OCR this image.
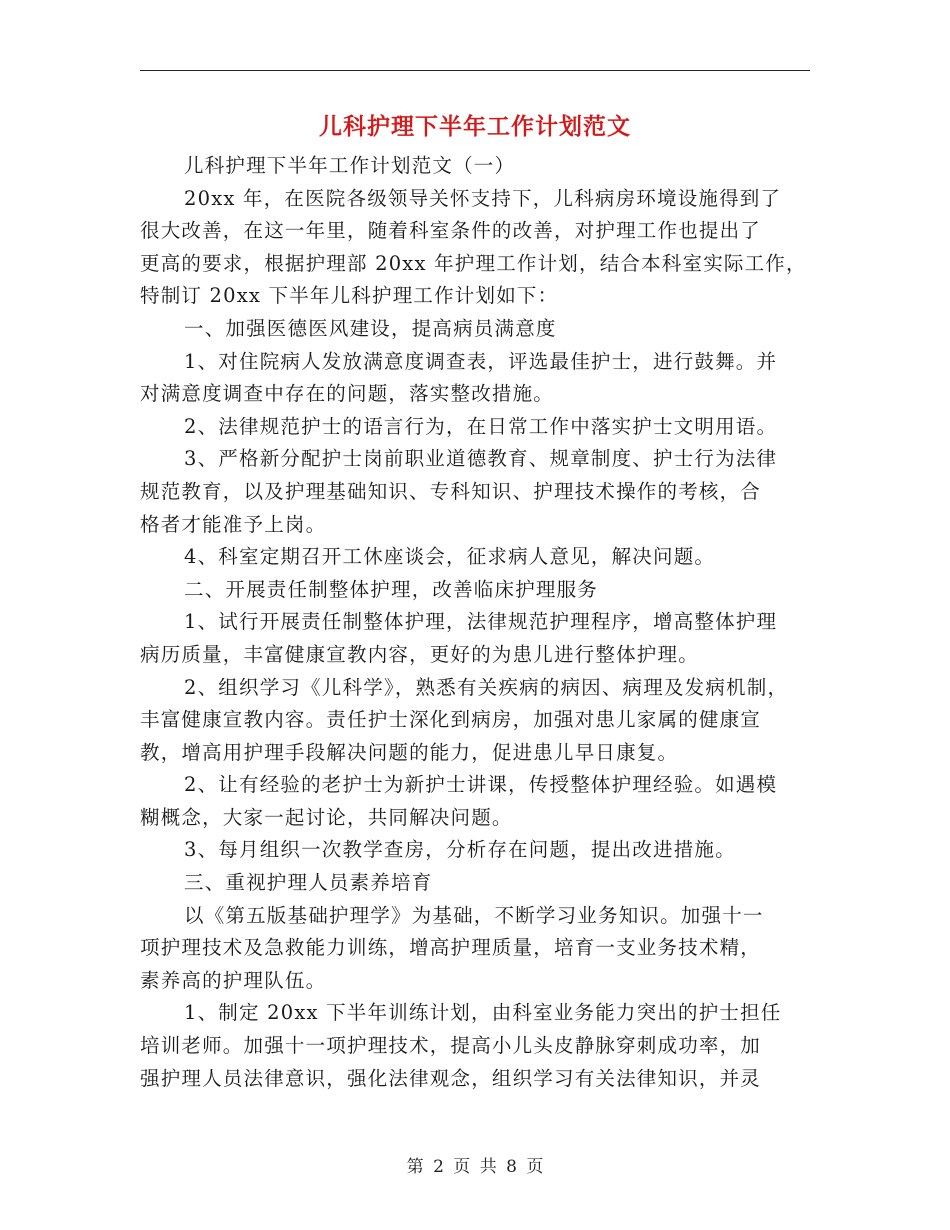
儿科护理下半年工作计划范文

儿科护理下半年工作计划范文（一）

20xx 年，在医院各级领导关怀支持下，儿科病房环境设施得到了

很大改善，在这一年里，随着科室条件的改善，对护理工作也提出了

更高的要求，根据护理部 20xx 年护理工作计划，结合本科室实际工作，

特制订 20xx 下半年儿科护理工作计划如下：

一、加强医德医风建设，提高病员满意度

1、对住院病人发放满意度调查表，评选最佳护士，进行鼓舞。并

对满意度调查中存在的问题，落实整改措施。

2、法律规范护士的语言行为，在日常工作中落实护士文明用语。

3、严格新分配护士岗前职业道德教育、规章制度、护士行为法律

规范教育，以及护理基础知识、专科知识、护理技术操作的考核，合

格者才能准予上岗。

4、科室定期召开工休座谈会，征求病人意见，解决问题。

二、开展责任制整体护理，改善临床护理服务

1、试行开展责任制整体护理，法律规范护理程序，增高整体护理

病历质量，丰富健康宣教内容，更好的为患儿进行整体护理。

2、组织学习《儿科学》，熟悉有关疾病的病因、病理及发病机制，

丰富健康宣教内容。责任护士深化到病房，加强对患儿家属的健康宣

教，增高用护理手段解决问题的能力，促进患儿早日康复。

2、让有经验的老护士为新护士讲课，传授整体护理经验。如遇模

糊概念，大家一起讨论，共同解决问题。

3、每月组织一次教学查房，分析存在问题，提出改进措施。

三、重视护理人员素养培育

以《第五版基础护理学》为基础，不断学习业务知识。加强十一

项护理技术及急救能力训练，增高护理质量，培育一支业务技术精，

素养高的护理队伍。

1、制定 20xx 下半年训练计划，由科室业务能力突出的护士担任

培训老师。加强十一项护理技术，提高小儿头皮静脉穿刺成功率，加

强护理人员法律意识，强化法律观念，组织学习有关法律知识，并灵

第 2 页 共 8 页
